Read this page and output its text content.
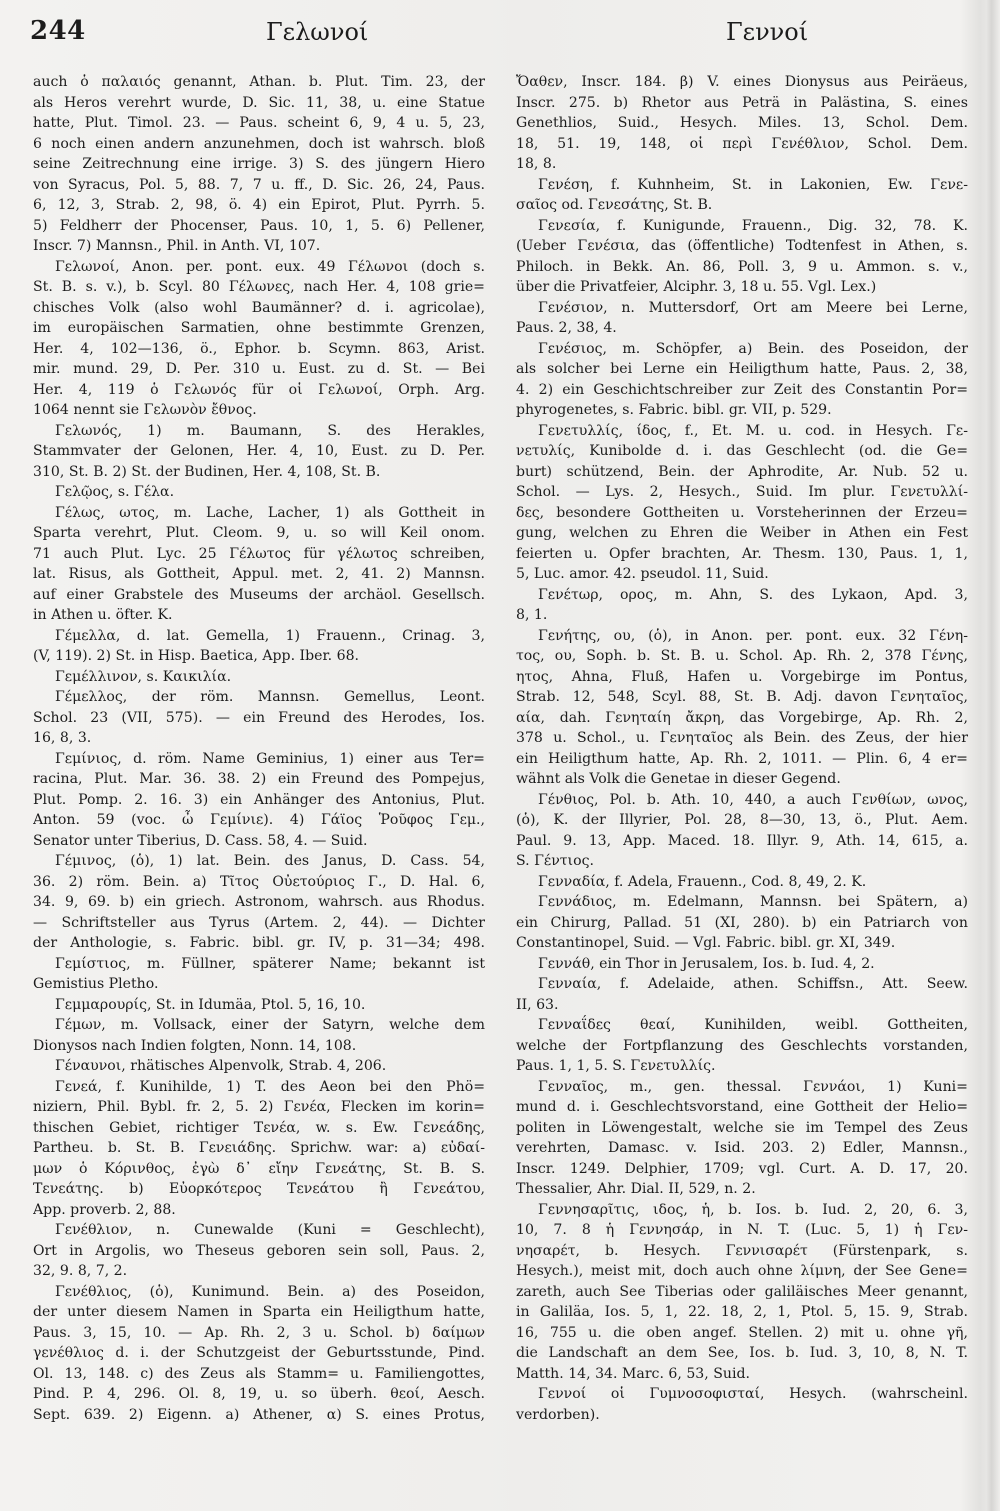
244	Γελωνοί	Γεννοί
auch ὁ παλαιός genannt, Athan. b. Plut. Tim. 23, der
als Heros verehrt wurde, D. Sic. 11, 38, u. eine Statue
hatte, Plut. Timol. 23. — Paus. scheint 6, 9, 4 u. 5, 23,
6 noch einen andern anzunehmen, doch ist wahrsch. bloß
seine Zeitrechnung eine irrige. 3) S. des jüngern Hiero
von Syracus, Pol. 5, 88. 7, 7 u. ff., D. Sic. 26, 24, Paus.
6, 12, 3, Strab. 2, 98, ö. 4) ein Epirot, Plut. Pyrrh. 5.
5) Feldherr der Phocenser, Paus. 10, 1, 5. 6) Pellener,
Inscr. 7) Mannsn., Phil. in Anth. VI, 107.
Γελωνοί, Anon. per. pont. eux. 49 Γέλωνοι (doch s.
St. B. s. v.), b. Scyl. 80 Γέλωνες, nach Her. 4, 108 grie=
chisches Volk (also wohl Baumänner? d. i. agricolae),
im europäischen Sarmatien, ohne bestimmte Grenzen,
Her. 4, 102—136, ö., Ephor. b. Scymn. 863, Arist.
mir. mund. 29, D. Per. 310 u. Eust. zu d. St. — Bei
Her. 4, 119 ὁ Γελωνός für οἱ Γελωνοί, Orph. Arg.
1064 nennt sie Γελωνὸν ἔθνος.
Γελωνός, 1) m. Baumann, S. des Herakles,
Stammvater der Gelonen, Her. 4, 10, Eust. zu D. Per.
310, St. B. 2) St. der Budinen, Her. 4, 108, St. B.
Γελῷος, s. Γέλα.
Γέλως, ωτος, m. Lache, Lacher, 1) als Gottheit in
Sparta verehrt, Plut. Cleom. 9, u. so will Keil onom.
71 auch Plut. Lyc. 25 Γέλωτος für γέλωτος schreiben,
lat. Risus, als Gottheit, Appul. met. 2, 41. 2) Mannsn.
auf einer Grabstele des Museums der archäol. Gesellsch.
in Athen u. öfter. K.
Γέμελλα, d. lat. Gemella, 1) Frauenn., Crinag. 3,
(V, 119). 2) St. in Hisp. Baetica, App. Iber. 68.
Γεμέλλινον, s. Καικιλία.
Γέμελλος, der röm. Mannsn. Gemellus, Leont.
Schol. 23 (VII, 575). — ein Freund des Herodes, Ios.
16, 8, 3.
Γεμίνιος, d. röm. Name Geminius, 1) einer aus Ter=
racina, Plut. Mar. 36. 38. 2) ein Freund des Pompejus,
Plut. Pomp. 2. 16. 3) ein Anhänger des Antonius, Plut.
Anton. 59 (voc. ὦ Γεμίνιε). 4) Γάϊος Ῥοῦφος Γεμ.,
Senator unter Tiberius, D. Cass. 58, 4. — Suid.
Γέμινος, (ὁ), 1) lat. Bein. des Janus, D. Cass. 54,
36. 2) röm. Bein. a) Τῖτος Οὐετούριος Γ., D. Hal. 6,
34. 9, 69. b) ein griech. Astronom, wahrsch. aus Rhodus.
— Schriftsteller aus Tyrus (Artem. 2, 44). — Dichter
der Anthologie, s. Fabric. bibl. gr. IV, p. 31—34; 498.
Γεμίστιος, m. Füllner, späterer Name; bekannt ist
Gemistius Pletho.
Γεμμαρουρίς, St. in Idumäa, Ptol. 5, 16, 10.
Γέμων, m. Vollsack, einer der Satyrn, welche dem
Dionysos nach Indien folgten, Nonn. 14, 108.
Γέναυνοι, rhätisches Alpenvolk, Strab. 4, 206.
Γενεά, f. Kunihilde, 1) T. des Aeon bei den Phö=
niziern, Phil. Bybl. fr. 2, 5. 2) Γενέα, Flecken im korin=
thischen Gebiet, richtiger Τενέα, w. s. Ew. Γενεάδης,
Partheu. b. St. B. Γενειάδης. Sprichw. war: a) εὐδαί-
μων ὁ Κόρινθος, ἐγὼ δ᾽ εἴην Γενεάτης, St. B. S.
Τενεάτης. b) Εὐορκότερος Τενεάτου ἢ Γενεάτου,
App. proverb. 2, 88.
Γενέθλιον, n. Cunewalde (Kuni = Geschlecht),
Ort in Argolis, wo Theseus geboren sein soll, Paus. 2,
32, 9. 8, 7, 2.
Γενέθλιος, (ὁ), Kunimund. Bein. a) des Poseidon,
der unter diesem Namen in Sparta ein Heiligthum hatte,
Paus. 3, 15, 10. — Ap. Rh. 2, 3 u. Schol. b) δαίμων
γενέθλιος d. i. der Schutzgeist der Geburtsstunde, Pind.
Ol. 13, 148. c) des Zeus als Stamm= u. Familiengottes,
Pind. P. 4, 296. Ol. 8, 19, u. so überh. θεοί, Aesch.
Sept. 639. 2) Eigenn. a) Athener, α) S. eines Protus,
Ὄαθεν, Inscr. 184. β) V. eines Dionysus aus Peiräeus,
Inscr. 275. b) Rhetor aus Peträ in Palästina, S. eines
Genethlios, Suid., Hesych. Miles. 13, Schol. Dem.
18, 51. 19, 148, οἱ περὶ Γενέθλιον, Schol. Dem.
18, 8.
Γενέση, f. Kuhnheim, St. in Lakonien, Ew. Γενε-
σαῖος od. Γενεσάτης, St. B.
Γενεσία, f. Kunigunde, Frauenn., Dig. 32, 78. K.
(Ueber Γενέσια, das (öffentliche) Todtenfest in Athen, s.
Philoch. in Bekk. An. 86, Poll. 3, 9 u. Ammon. s. v.,
über die Privatfeier, Alciphr. 3, 18 u. 55. Vgl. Lex.)
Γενέσιον, n. Muttersdorf, Ort am Meere bei Lerne,
Paus. 2, 38, 4.
Γενέσιος, m. Schöpfer, a) Bein. des Poseidon, der
als solcher bei Lerne ein Heiligthum hatte, Paus. 2, 38,
4. 2) ein Geschichtschreiber zur Zeit des Constantin Por=
phyrogenetes, s. Fabric. bibl. gr. VII, p. 529.
Γενετυλλίς, ίδος, f., Et. M. u. cod. in Hesych. Γε-
νετυλίς, Kunibolde d. i. das Geschlecht (od. die Ge=
burt) schützend, Bein. der Aphrodite, Ar. Nub. 52 u.
Schol. — Lys. 2, Hesych., Suid. Im plur. Γενετυλλί-
δες, besondere Gottheiten u. Vorsteherinnen der Erzeu=
gung, welchen zu Ehren die Weiber in Athen ein Fest
feierten u. Opfer brachten, Ar. Thesm. 130, Paus. 1, 1,
5, Luc. amor. 42. pseudol. 11, Suid.
Γενέτωρ, ορος, m. Ahn, S. des Lykaon, Apd. 3,
8, 1.
Γενήτης, ου, (ὁ), in Anon. per. pont. eux. 32 Γένη-
τος, ου, Soph. b. St. B. u. Schol. Ap. Rh. 2, 378 Γένης,
ητος, Ahna, Fluß, Hafen u. Vorgebirge im Pontus,
Strab. 12, 548, Scyl. 88, St. B. Adj. davon Γενηταῖος,
αία, dah. Γενηταίη ἄκρη, das Vorgebirge, Ap. Rh. 2,
378 u. Schol., u. Γενηταῖος als Bein. des Zeus, der hier
ein Heiligthum hatte, Ap. Rh. 2, 1011. — Plin. 6, 4 er=
wähnt als Volk die Genetae in dieser Gegend.
Γένθιος, Pol. b. Ath. 10, 440, a auch Γενθίων, ωνος,
(ὁ), K. der Illyrier, Pol. 28, 8—30, 13, ö., Plut. Aem.
Paul. 9. 13, App. Maced. 18. Illyr. 9, Ath. 14, 615, a.
S. Γέντιος.
Γενναδία, f. Adela, Frauenn., Cod. 8, 49, 2. K.
Γεννάδιος, m. Edelmann, Mannsn. bei Spätern, a)
ein Chirurg, Pallad. 51 (XI, 280). b) ein Patriarch von
Constantinopel, Suid. — Vgl. Fabric. bibl. gr. XI, 349.
Γεννάθ, ein Thor in Jerusalem, Ios. b. Iud. 4, 2.
Γενναία, f. Adelaide, athen. Schiffsn., Att. Seew.
II, 63.
Γενναΐδες θεαί, Kunihilden, weibl. Gottheiten,
welche der Fortpflanzung des Geschlechts vorstanden,
Paus. 1, 1, 5. S. Γενετυλλίς.
Γενναῖος, m., gen. thessal. Γεννάοι, 1) Kuni=
mund d. i. Geschlechtsvorstand, eine Gottheit der Helio=
politen in Löwengestalt, welche sie im Tempel des Zeus
verehrten, Damasc. v. Isid. 203. 2) Edler, Mannsn.,
Inscr. 1249. Delphier, 1709; vgl. Curt. A. D. 17, 20.
Thessalier, Ahr. Dial. II, 529, n. 2.
Γεννησαρῖτις, ιδος, ἡ, b. Ios. b. Iud. 2, 20, 6. 3,
10, 7. 8 ἡ Γεννησάρ, in N. T. (Luc. 5, 1) ἡ Γεν-
νησαρέτ, b. Hesych. Γεννισαρέτ (Fürstenpark, s.
Hesych.), meist mit, doch auch ohne λίμνη, der See Gene=
zareth, auch See Tiberias oder galiläisches Meer genannt,
in Galiläa, Ios. 5, 1, 22. 18, 2, 1, Ptol. 5, 15. 9, Strab.
16, 755 u. die oben angef. Stellen. 2) mit u. ohne γῆ,
die Landschaft an dem See, Ios. b. Iud. 3, 10, 8, N. T.
Matth. 14, 34. Marc. 6, 53, Suid.
Γεννοί οἱ Γυμνοσοφισταί, Hesych. (wahrscheinl.
verdorben).
